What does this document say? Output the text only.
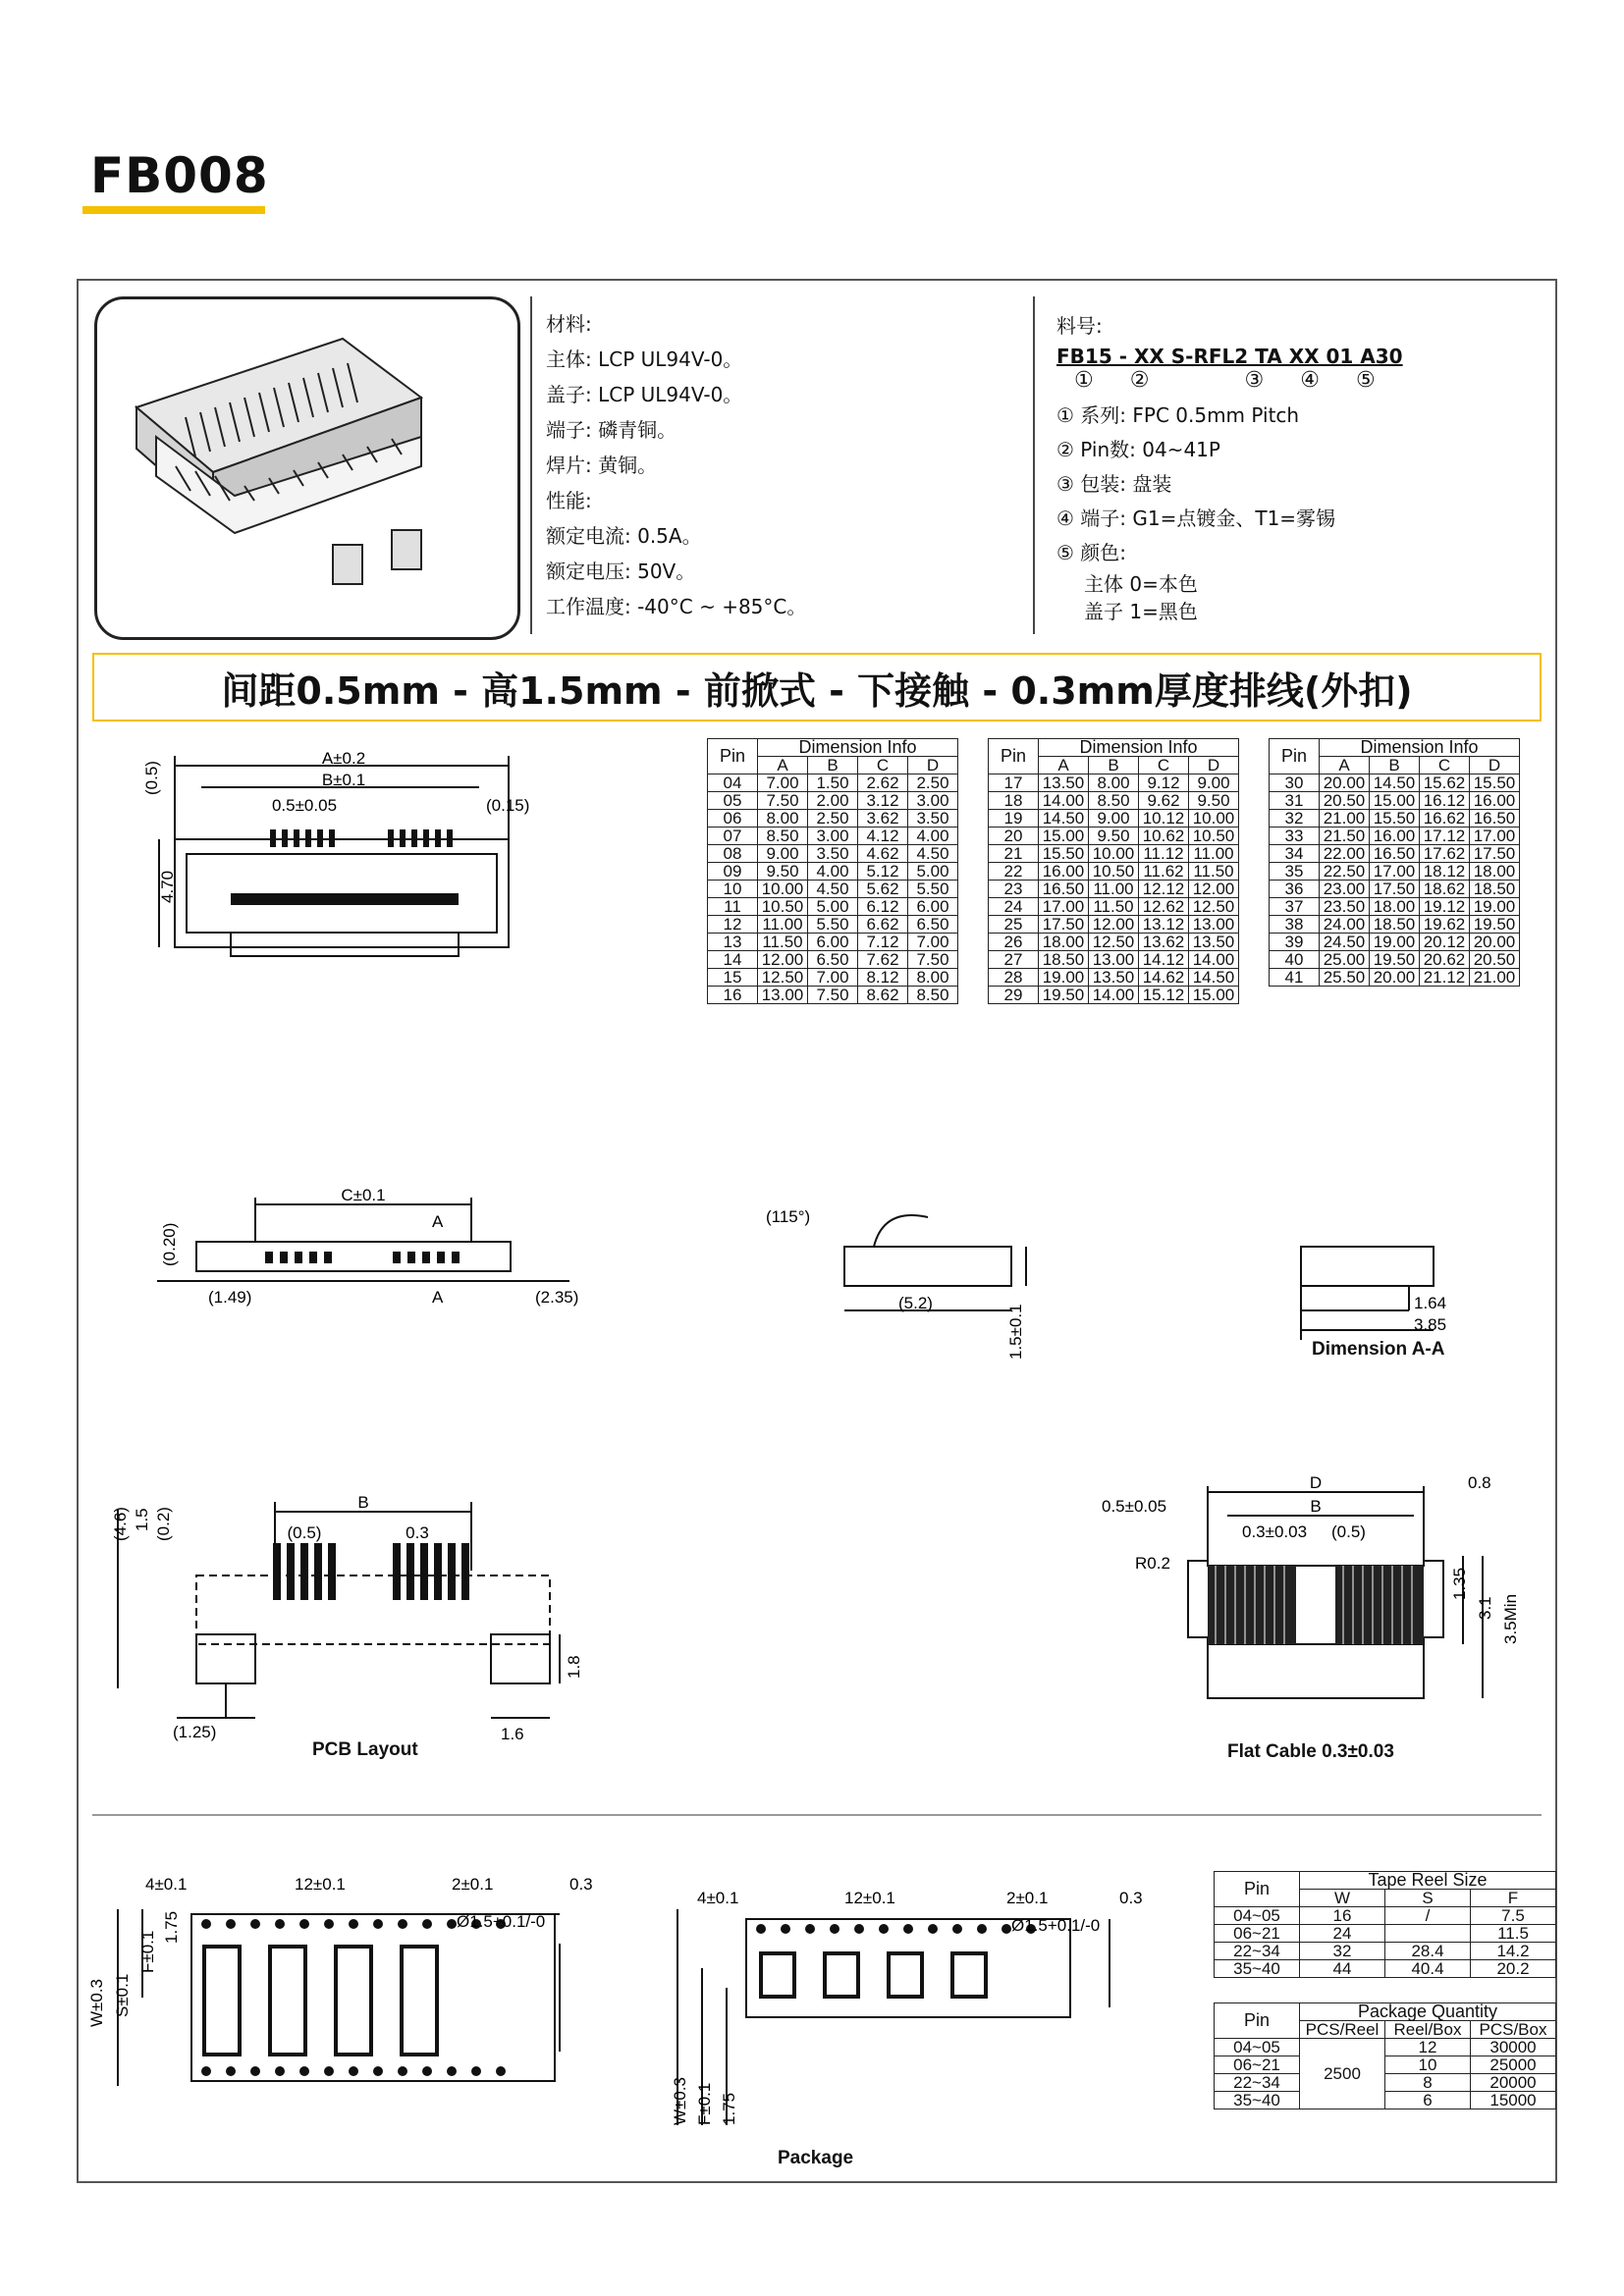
FB008
材料:
主体: LCP UL94V-0。
盖子: LCP UL94V-0。
端子: 磷青铜。
焊片: 黄铜。
性能:
额定电流: 0.5A。
额定电压: 50V。
工作温度: -40°C ~ +85°C。
料号:
FB15 - XX S-RFL2 TA XX 01 A30
① ②	③ ④ ⑤
① 系列: FPC 0.5mm Pitch
② Pin数: 04~41P
③ 包装: 盘装
④ 端子: G1=点镀金、T1=雾锡
⑤ 颜色:
主体 0=本色
盖子 1=黑色
间距0.5mm - 高1.5mm - 前掀式 - 下接触 - 0.3mm厚度排线(外扣)
Pin	Dimension Info			
	A	B	C	D
04	7.00	1.50	2.62	2.50
05	7.50	2.00	3.12	3.00
06	8.00	2.50	3.62	3.50
07	8.50	3.00	4.12	4.00
08	9.00	3.50	4.62	4.50
09	9.50	4.00	5.12	5.00
10	10.00	4.50	5.62	5.50
11	10.50	5.00	6.12	6.00
12	11.00	5.50	6.62	6.50
13	11.50	6.00	7.12	7.00
14	12.00	6.50	7.62	7.50
15	12.50	7.00	8.12	8.00
16	13.00	7.50	8.62	8.50
Pin	Dimension Info			
	A	B	C	D
17	13.50	8.00	9.12	9.00
18	14.00	8.50	9.62	9.50
19	14.50	9.00	10.12	10.00
20	15.00	9.50	10.62	10.50
21	15.50	10.00	11.12	11.00
22	16.00	10.50	11.62	11.50
23	16.50	11.00	12.12	12.00
24	17.00	11.50	12.62	12.50
25	17.50	12.00	13.12	13.00
26	18.00	12.50	13.62	13.50
27	18.50	13.00	14.12	14.00
28	19.00	13.50	14.62	14.50
29	19.50	14.00	15.12	15.00
Pin	Dimension Info			
	A	B	C	D
30	20.00	14.50	15.62	15.50
31	20.50	15.00	16.12	16.00
32	21.00	15.50	16.62	16.50
33	21.50	16.00	17.12	17.00
34	22.00	16.50	17.62	17.50
35	22.50	17.00	18.12	18.00
36	23.00	17.50	18.62	18.50
37	23.50	18.00	19.12	19.00
38	24.00	18.50	19.62	19.50
39	24.50	19.00	20.12	20.00
40	25.00	19.50	20.62	20.50
41	25.50	20.00	21.12	21.00
A±0.2
B±0.1
0.5±0.05
(0.5)
(0.15)
4.70
C±0.1
A
A
(1.49)	(2.35)
(0.20)
(115°)
(5.2)
1.5±0.1
1.64
3.85
Dimension A-A
B
(0.5)	0.3
(4.6) 1.5 (0.2)
1.8
(1.25)	1.6
PCB Layout
D
B
0.5±0.05
0.3±0.03 (0.5)
R0.2
0.8
1.35
3.1 3.5Min
Flat Cable 0.3±0.03
4±0.1	12±0.1	2±0.1	0.3
Ø1.5+0.1/-0
W±0.3 S±0.1
F±0.1
1.75
4±0.1	12±0.1	2±0.1	0.3
Ø1.5+0.1/-0
W±0.3 F±0.1 1.75
Package
Pin	Tape Reel Size		
	W	S	F
04~05	16	/	7.5
06~21	24		11.5
22~34	32	28.4	14.2
35~40	44	40.4	20.2
Pin	Package Quantity		
	PCS/Reel	Reel/Box	PCS/Box
04~05	2500	12	30000
06~21		10	25000
22~34		8	20000
35~40		6	15000
